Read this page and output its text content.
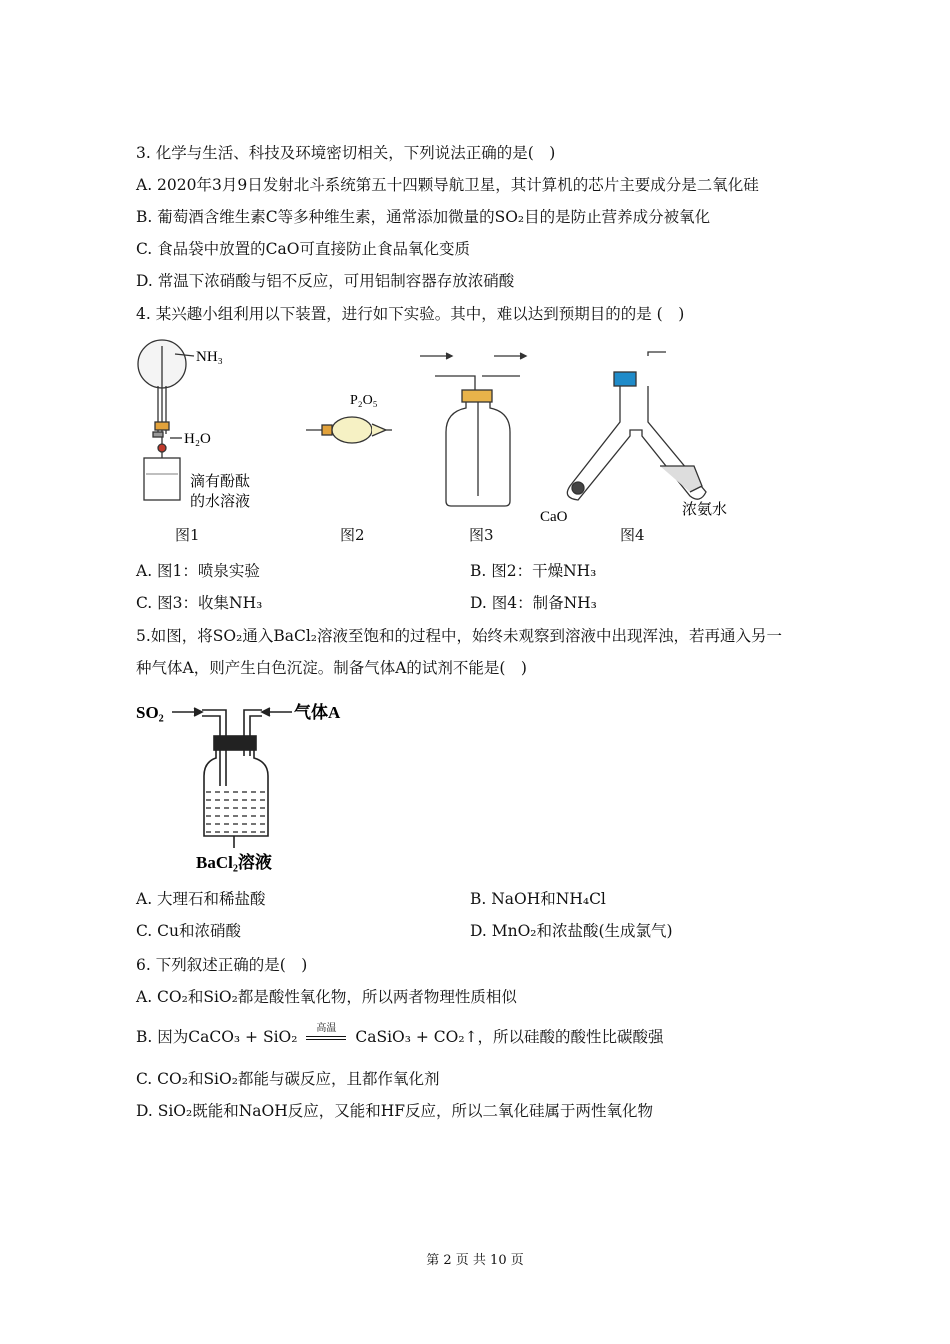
3. 化学与生活、科技及环境密切相关，下列说法正确的是(　)
A. 2020年3月9日发射北斗系统第五十四颗导航卫星，其计算机的芯片主要成分是二氧化硅
B. 葡萄酒含维生素C等多种维生素，通常添加微量的SO₂目的是防止营养成分被氧化
C. 食品袋中放置的CaO可直接防止食品氧化变质
D. 常温下浓硝酸与铝不反应，可用铝制容器存放浓硝酸
4. 某兴趣小组利用以下装置，进行如下实验。其中，难以达到预期目的的是 (　)
NH₃
H₂O
滴有酚酞
的水溶液
P₂O₅
CaO	浓氨水
图1	图2	图3	图4
A. 图1：喷泉实验	B. 图2：干燥NH₃
C. 图3：收集NH₃	D. 图4：制备NH₃
5.如图，将SO₂通入BaCl₂溶液至饱和的过程中，始终未观察到溶液中出现浑浊，若再通入另一
种气体A，则产生白色沉淀。制备气体A的试剂不能是(　)
SO₂	气体A
BaCl₂溶液
A. 大理石和稀盐酸	B. NaOH和NH₄Cl
C. Cu和浓硝酸	D. MnO₂和浓盐酸(生成氯气)
6. 下列叙述正确的是(　)
A. CO₂和SiO₂都是酸性氧化物，所以两者物理性质相似
B. 因为CaCO₃ + SiO₂	高温	CaSiO₃ + CO₂↑，所以硅酸的酸性比碳酸强
C. CO₂和SiO₂都能与碳反应，且都作氧化剂
D. SiO₂既能和NaOH反应，又能和HF反应，所以二氧化硅属于两性氧化物
第 2 页 共 10 页
